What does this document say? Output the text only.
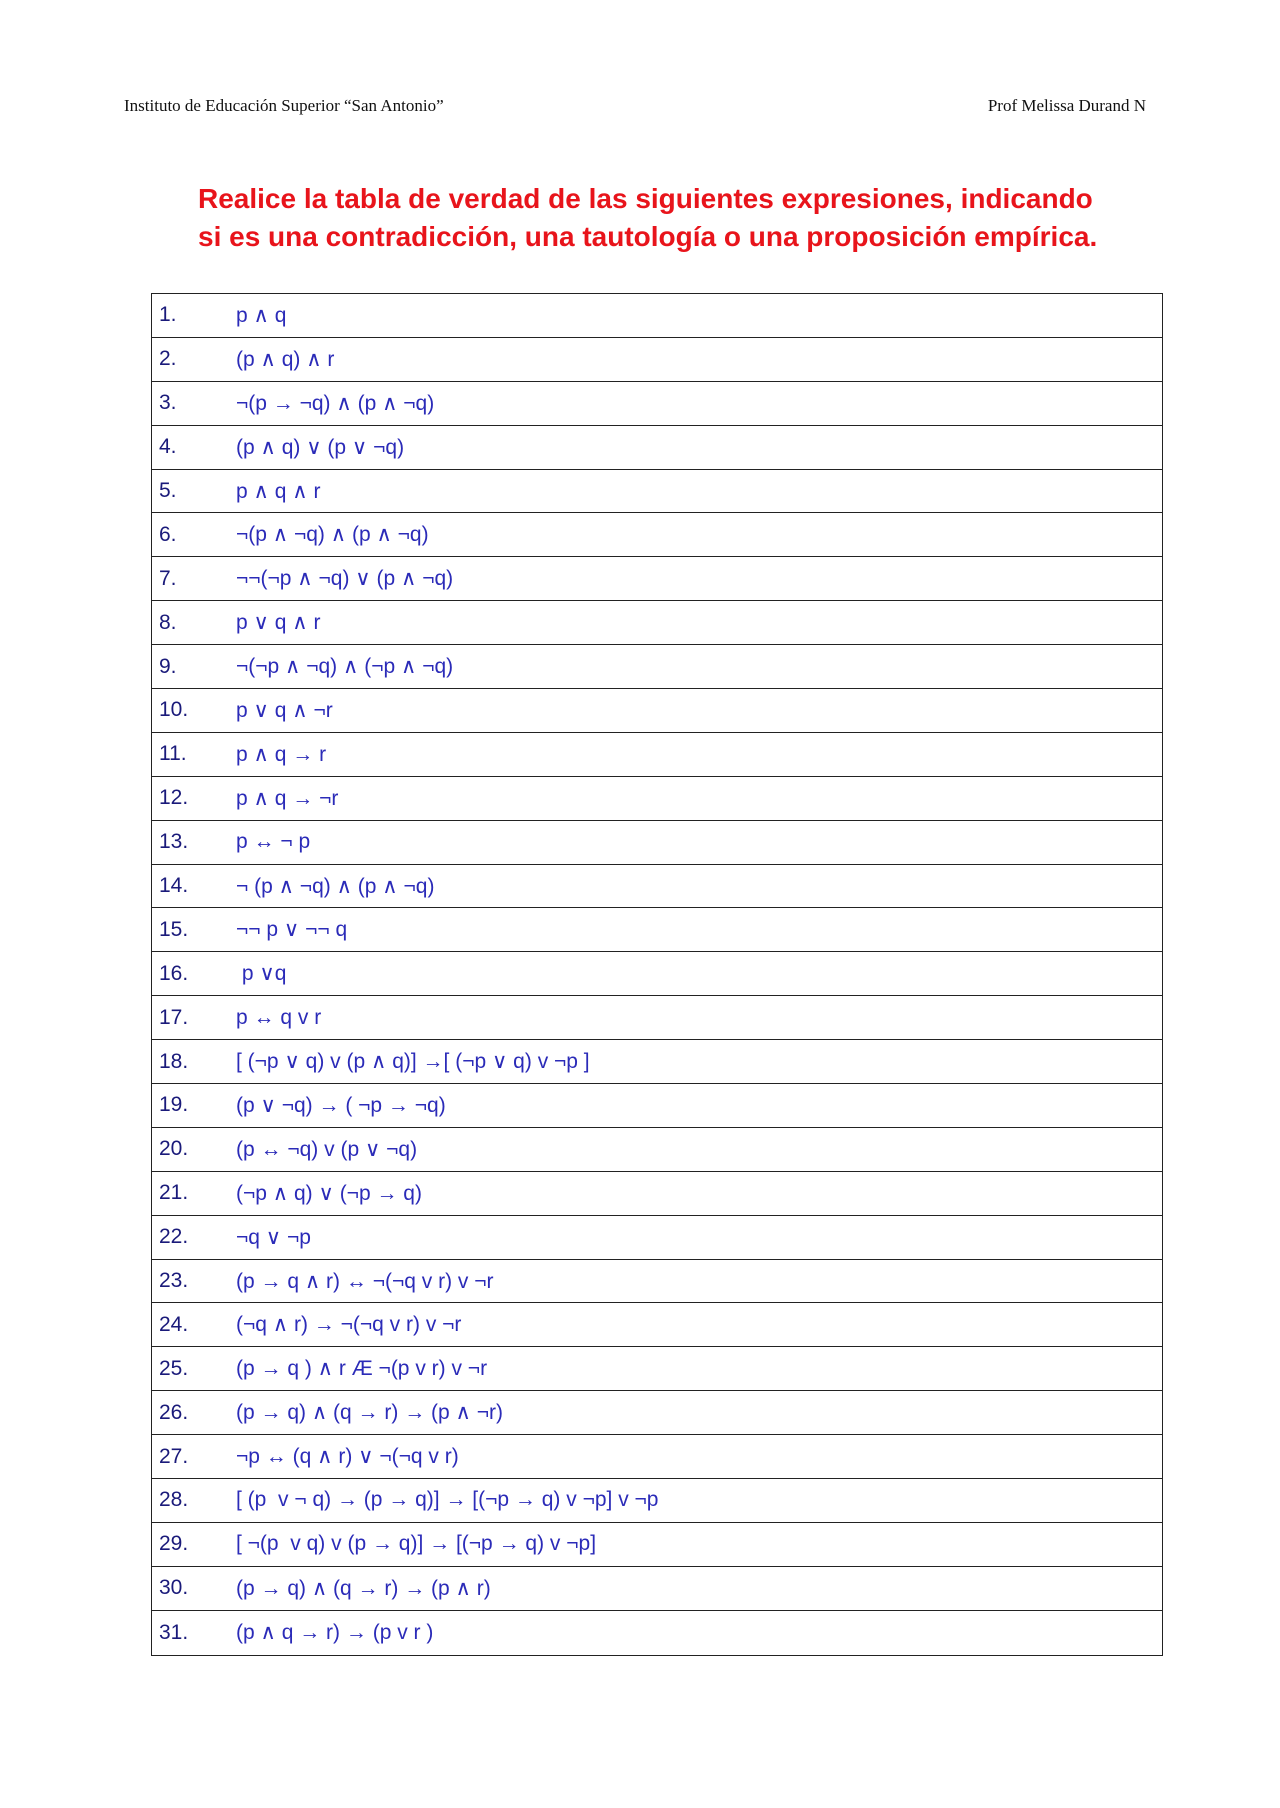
Instituto de Educación Superior “San Antonio”	Prof Melissa Durand N
Realice la tabla de verdad de las siguientes expresiones, indicando
si es una contradicción, una tautología o una proposición empírica.
1.	p ∧ q
2.	(p ∧ q) ∧ r
3.	¬(p → ¬q) ∧ (p ∧ ¬q)
4.	(p ∧ q) ∨ (p ∨ ¬q)
5.	p ∧ q ∧ r
6.	¬(p ∧ ¬q) ∧ (p ∧ ¬q)
7.	¬¬(¬p ∧ ¬q) ∨ (p ∧ ¬q)
8.	p ∨ q ∧ r
9.	¬(¬p ∧ ¬q) ∧ (¬p ∧ ¬q)
10.	p ∨ q ∧ ¬r
11.	p ∧ q → r
12.	p ∧ q → ¬r
13.	p ↔ ¬ p
14.	¬ (p ∧ ¬q) ∧ (p ∧ ¬q)
15.	¬¬ p ∨ ¬¬ q
16.	p ∨q
17.	p ↔ q v r
18.	[ (¬p ∨ q) v (p ∧ q)] →[ (¬p ∨ q) v ¬p ]
19.	(p ∨ ¬q) → ( ¬p → ¬q)
20.	(p ↔ ¬q) v (p ∨ ¬q)
21.	(¬p ∧ q) ∨ (¬p → q)
22.	¬q ∨ ¬p
23.	(p → q ∧ r) ↔ ¬(¬q v r) v ¬r
24.	(¬q ∧ r) → ¬(¬q v r) v ¬r
25.	(p → q ) ∧ r Æ ¬(p v r) v ¬r
26.	(p → q) ∧ (q → r) → (p ∧ ¬r)
27.	¬p ↔ (q ∧ r) ∨ ¬(¬q v r)
28.	[ (p  v ¬ q) → (p → q)] → [(¬p → q) v ¬p] v ¬p
29.	[ ¬(p  v q) v (p → q)] → [(¬p → q) v ¬p]
30.	(p → q) ∧ (q → r) → (p ∧ r)
31.	(p ∧ q → r) → (p v r )
